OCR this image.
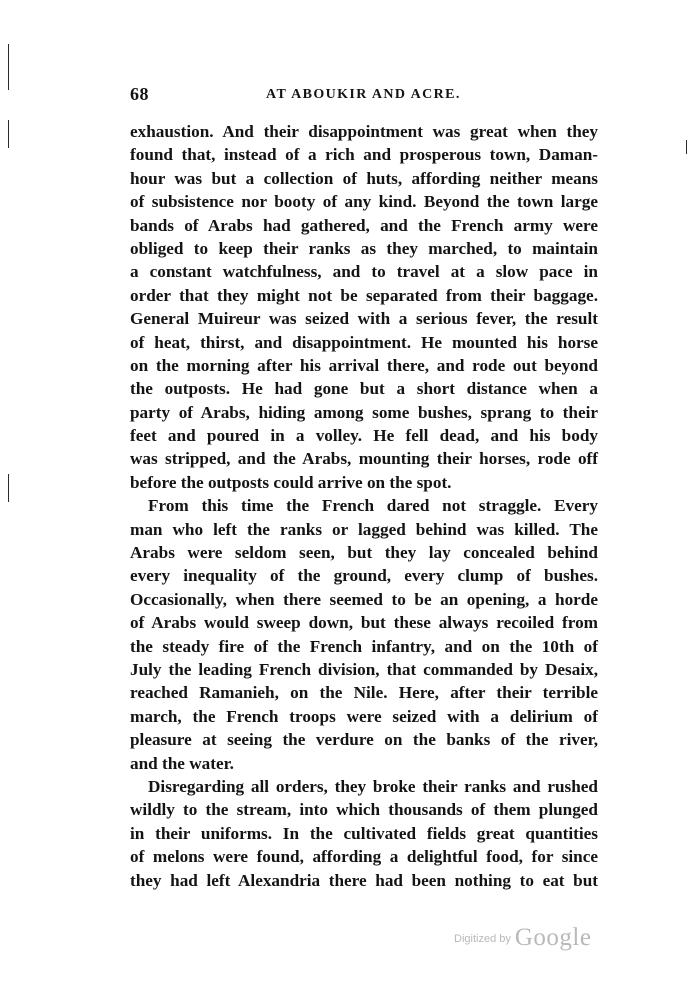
68	AT ABOUKIR AND ACRE.
exhaustion. And their disappointment was great when they
found that, instead of a rich and prosperous town, Daman-
hour was but a collection of huts, affording neither means
of subsistence nor booty of any kind. Beyond the town large
bands of Arabs had gathered, and the French army were
obliged to keep their ranks as they marched, to maintain
a constant watchfulness, and to travel at a slow pace in
order that they might not be separated from their baggage.
General Muireur was seized with a serious fever, the result
of heat, thirst, and disappointment. He mounted his horse
on the morning after his arrival there, and rode out beyond
the outposts. He had gone but a short distance when a
party of Arabs, hiding among some bushes, sprang to their
feet and poured in a volley. He fell dead, and his body
was stripped, and the Arabs, mounting their horses, rode off
before the outposts could arrive on the spot.
From this time the French dared not straggle. Every
man who left the ranks or lagged behind was killed. The
Arabs were seldom seen, but they lay concealed behind
every inequality of the ground, every clump of bushes.
Occasionally, when there seemed to be an opening, a horde
of Arabs would sweep down, but these always recoiled from
the steady fire of the French infantry, and on the 10th of
July the leading French division, that commanded by Desaix,
reached Ramanieh, on the Nile. Here, after their terrible
march, the French troops were seized with a delirium of
pleasure at seeing the verdure on the banks of the river,
and the water.
Disregarding all orders, they broke their ranks and rushed
wildly to the stream, into which thousands of them plunged
in their uniforms. In the cultivated fields great quantities
of melons were found, affording a delightful food, for since
they had left Alexandria there had been nothing to eat but
Digitized by Google
